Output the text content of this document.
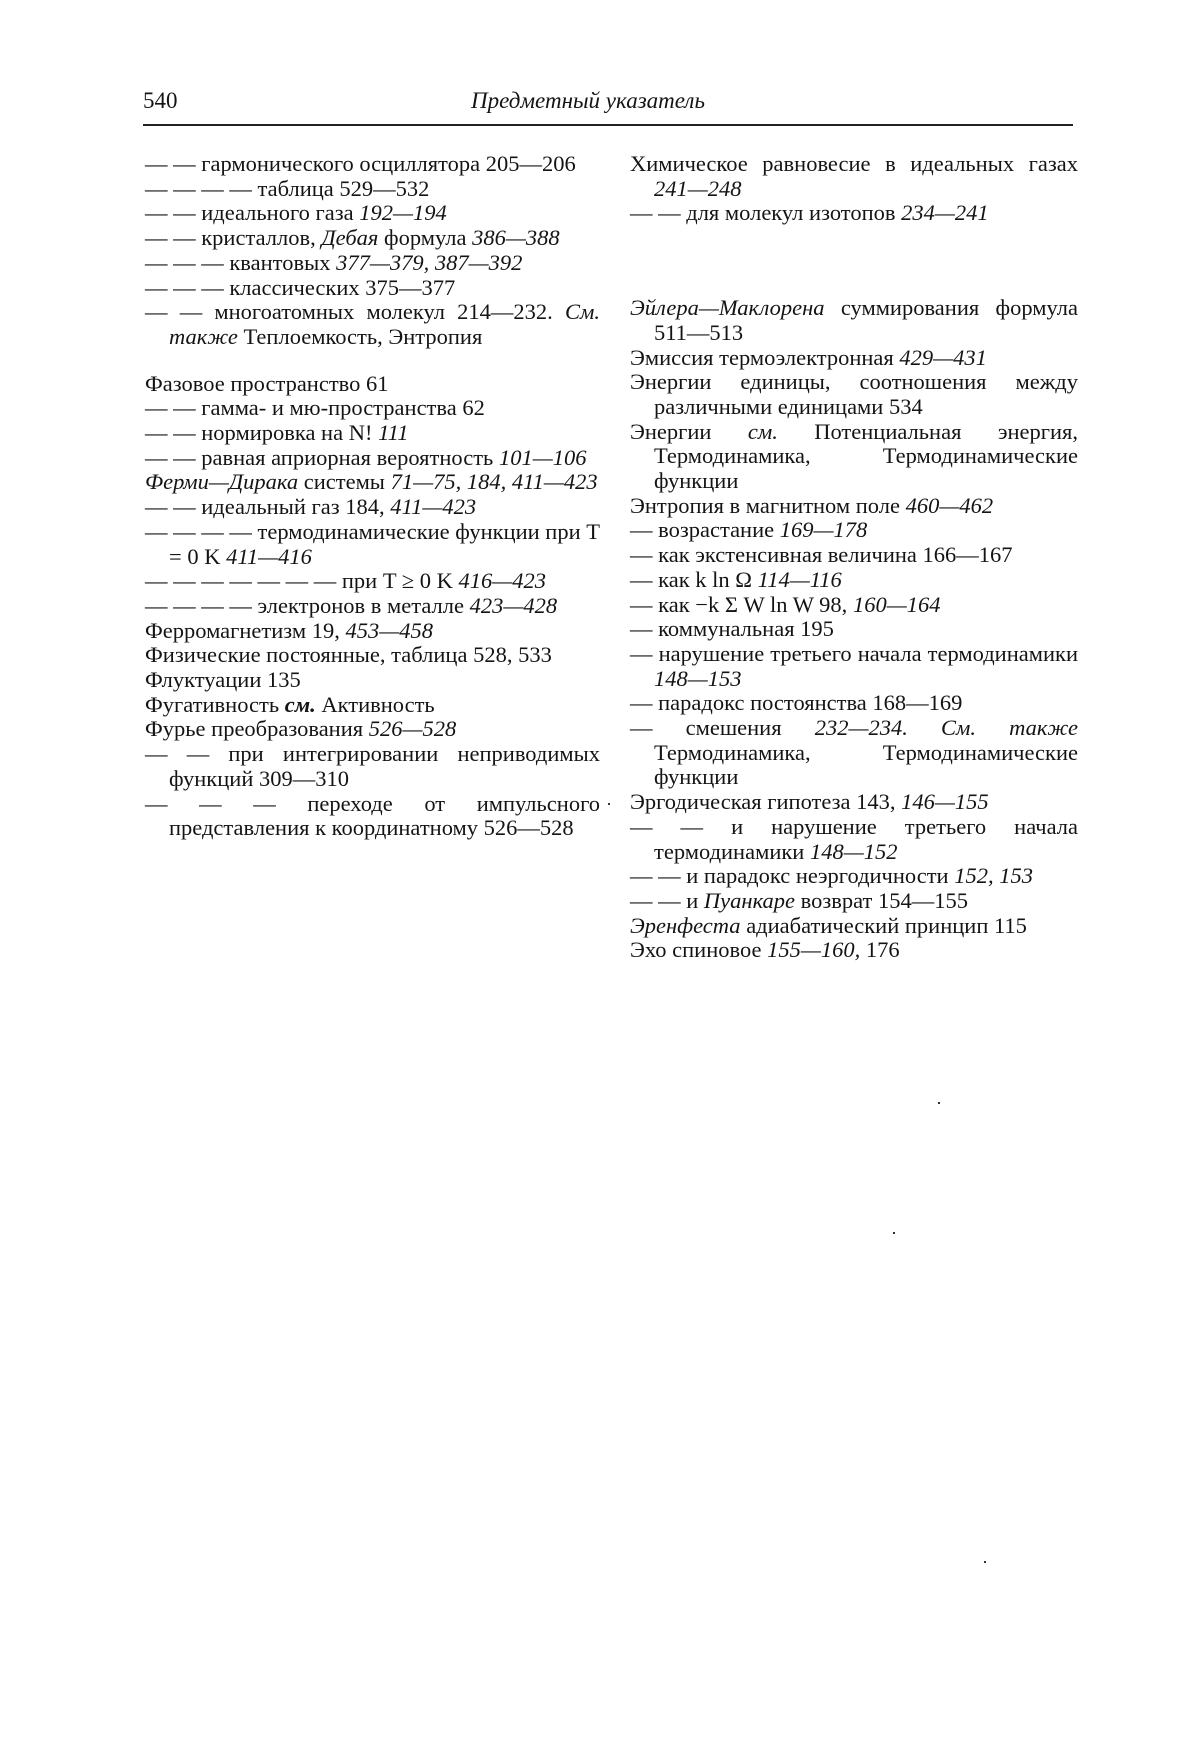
540	Предметный указатель
— — гармонического осциллятора 205—206
— — — — таблица 529—532
— — идеального газа 192—194
— — кристаллов, Дебая формула 386—388
— — — квантовых 377—379, 387—392
— — — классических 375—377
— — многоатомных молекул 214—232. См. также Теплоемкость, Энтропия
Фазовое пространство 61
— — гамма- и мю-пространства 62
— — нормировка на N! 111
— — равная априорная вероятность 101—106
Ферми—Дирака системы 71—75, 184, 411—423
— — идеальный газ 184, 411—423
— — — — термодинамические функции при T = 0 K 411—416
— — — — — — — при T ≥ 0 K 416—423
— — — — электронов в металле 423—428
Ферромагнетизм 19, 453—458
Физические постоянные, таблица 528, 533
Флуктуации 135
Фугативность см. Активность
Фурье преобразования 526—528
— — при интегрировании неприводимых функций 309—310
— — — переходе от импульсного представления к координатному 526—528
Химическое равновесие в идеальных газах 241—248
— — для молекул изотопов 234—241
Эйлера—Маклорена суммирования формула 511—513
Эмиссия термоэлектронная 429—431
Энергии единицы, соотношения между различными единицами 534
Энергии см. Потенциальная энергия, Термодинамика, Термодинамические функции
Энтропия в магнитном поле 460—462
— возрастание 169—178
— как экстенсивная величина 166—167
— как k ln Ω 114—116
— как −k Σ W ln W 98, 160—164
— коммунальная 195
— нарушение третьего начала термодинамики 148—153
— парадокс постоянства 168—169
— смешения 232—234. См. также Термодинамика, Термодинамические функции
Эргодическая гипотеза 143, 146—155
— — и нарушение третьего начала термодинамики 148—152
— — и парадокс неэргодичности 152, 153
— — и Пуанкаре возврат 154—155
Эренфеста адиабатический принцип 115
Эхо спиновое 155—160, 176
